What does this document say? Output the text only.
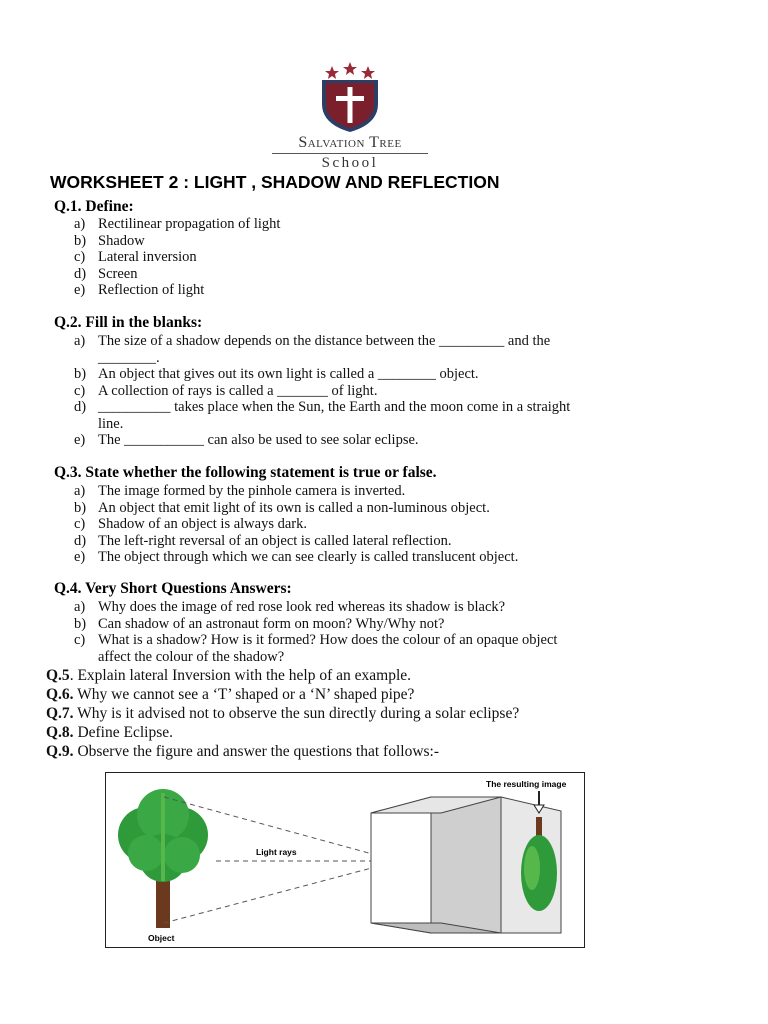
Salvation Tree
School
WORKSHEET 2 : LIGHT , SHADOW AND REFLECTION
Q.1. Define:
a) Rectilinear propagation of light
b) Shadow
c) Lateral inversion
d) Screen
e) Reflection of light
Q.2. Fill in the blanks:
a) The size of a shadow depends on the distance between the _________ and the
________.
b) An object that gives out its own light is called a ________ object.
c) A collection of rays is called a _______ of light.
d) __________ takes place when the Sun, the Earth and the moon come in a straight
line.
e) The ___________ can also be used to see solar eclipse.
Q.3. State whether the following statement is true or false.
a) The image formed by the pinhole camera is inverted.
b) An object that emit light of its own is called a non-luminous object.
c) Shadow of an object is always dark.
d) The left-right reversal of an object is called lateral reflection.
e) The object through which we can see clearly is called translucent object.
Q.4. Very Short Questions Answers:
a) Why does the image of red rose look red whereas its shadow is black?
b) Can shadow of an astronaut form on moon? Why/Why not?
c) What is a shadow? How is it formed? How does the colour of an opaque object
affect the colour of the shadow?
Q.5. Explain lateral Inversion with the help of an example.
Q.6. Why we cannot see a ‘T’ shaped or a ‘N’ shaped pipe?
Q.7. Why is it advised not to observe the sun directly during a solar eclipse?
Q.8. Define Eclipse.
Q.9. Observe the figure and answer the questions that follows:-
The resulting image
Light rays
Object
